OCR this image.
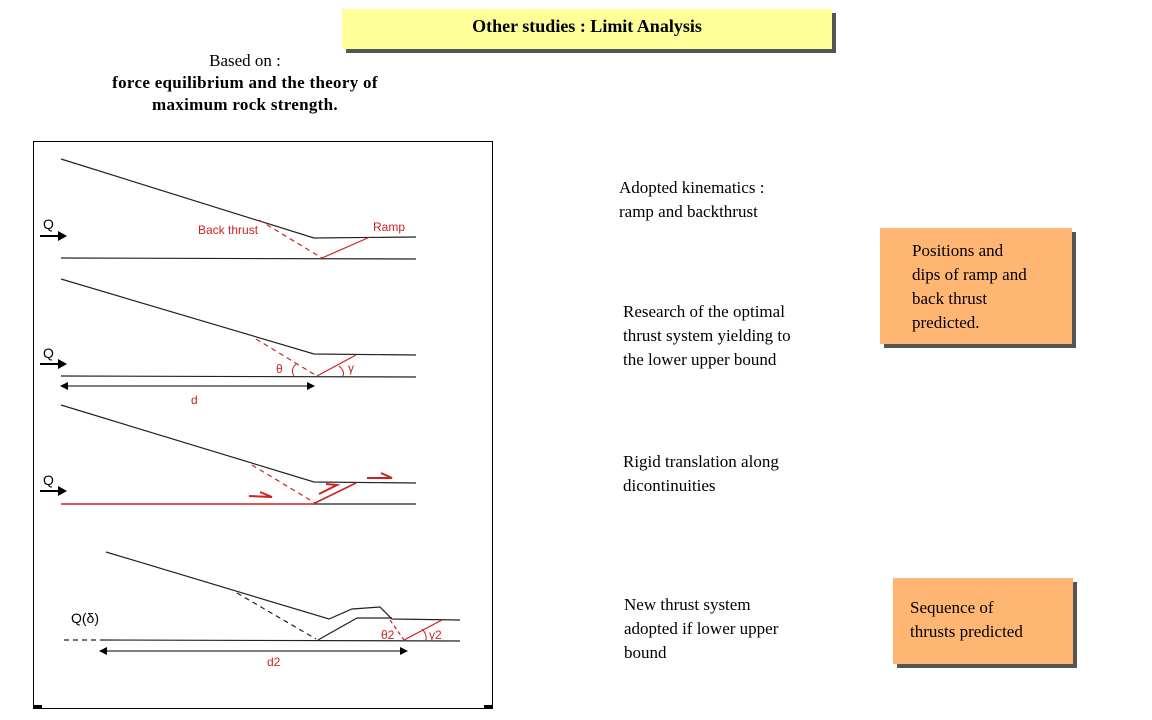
Other studies : Limit Analysis
Based on :
force equilibrium and the theory of
maximum rock strength.
Back thrust	Ramp
Q
θ	γ
Q
d
Q
Q(δ)
θ2	γ2
d2
Adopted kinematics :
ramp and backthrust
Research of the optimal
thrust system yielding to
the lower upper bound
Rigid translation along
dicontinuities
New thrust system
adopted if lower upper
bound
Positions and
dips of ramp and
back thrust
predicted.
Sequence of
thrusts predicted
